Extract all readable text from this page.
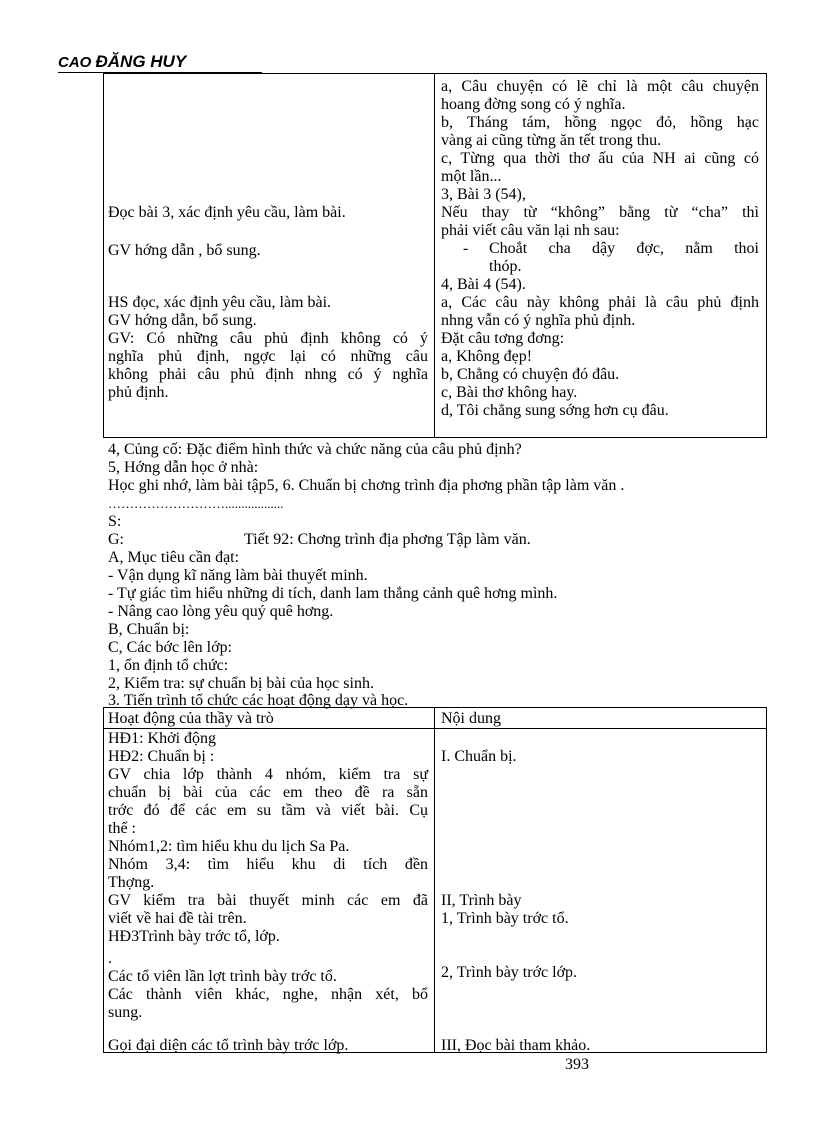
CAO ĐĂNG HUY
a, Câu chuyện có lẽ chỉ là một câu chuyện
hoang đờng song có ý nghĩa.
b, Tháng tám, hồng ngọc đỏ, hồng hạc
vàng ai cũng từng ăn tết trong thu.
c, Từng qua thời thơ ấu của NH ai cũng có
một lần...
3, Bài 3 (54),
Nếu thay từ “không” bằng từ “cha” thì
phải viết câu văn lại nh sau:
- Choắt cha dậy đợc, nằm thoi
thóp.
4, Bài 4 (54).
a, Các câu này không phải là câu phủ định
nhng vẫn có ý nghĩa phủ định.
Đặt câu tơng đơng:
a, Không đẹp!
b, Chẳng có chuyện đó đâu.
c, Bài thơ không hay.
d, Tôi chẳng sung sớng hơn cụ đâu.
Đọc bài 3, xác định yêu cầu, làm bài.
GV hớng dẫn , bổ sung.
HS đọc, xác định yêu cầu, làm bài.
GV hớng dẫn, bổ sung.
GV: Có những câu phủ định không có ý
nghĩa phủ định, ngợc lại có những câu
không phải câu phủ định nhng có ý nghĩa
phủ định.
4, Củng cố: Đặc điểm hình thức và chức năng của câu phủ định?
5, Hớng dẫn học ở nhà:
Học ghi nhớ, làm bài tập5, 6. Chuẩn bị chơng trình địa phơng phần tập làm văn .
………………………..................
S:
G:	Tiết 92: Chơng trình địa phơng Tập làm văn.
A, Mục tiêu cần đạt:
- Vận dụng kĩ năng làm bài thuyết minh.
- Tự giác tìm hiểu những di tích, danh lam thắng cảnh quê hơng mình.
- Nâng cao lòng yêu quý quê hơng.
B, Chuẩn bị:
C, Các bớc lên lớp:
1, ổn định tổ chức:
2, Kiểm tra: sự chuẩn bị bài của học sinh.
3. Tiến trình tổ chức các hoạt động dạy và học.
Hoạt động của thầy và trò	Nội dung
HĐ1: Khởi động
HĐ2: Chuẩn bị :
GV chia lớp thành 4 nhóm, kiểm tra sự
chuẩn bị bài của các em theo đề ra sẵn
trớc đó để các em su tầm và viết bài. Cụ
thể :
Nhóm1,2: tìm hiểu khu du lịch Sa Pa.
Nhóm 3,4: tìm hiểu khu di tích đền
Thợng.
GV kiểm tra bài thuyết minh các em đã
viết về hai đề tài trên.
HĐ3Trình bày trớc tổ, lớp.
.
Các tổ viên lần lợt trình bày trớc tổ.
Các thành viên khác, nghe, nhận xét, bổ
sung.
Gọi đại diện các tổ trình bày trớc lớp.
I. Chuẩn bị.
II, Trình bày
1, Trình bày trớc tổ.
2, Trình bày trớc lớp.
III, Đọc bài tham khảo.
393
